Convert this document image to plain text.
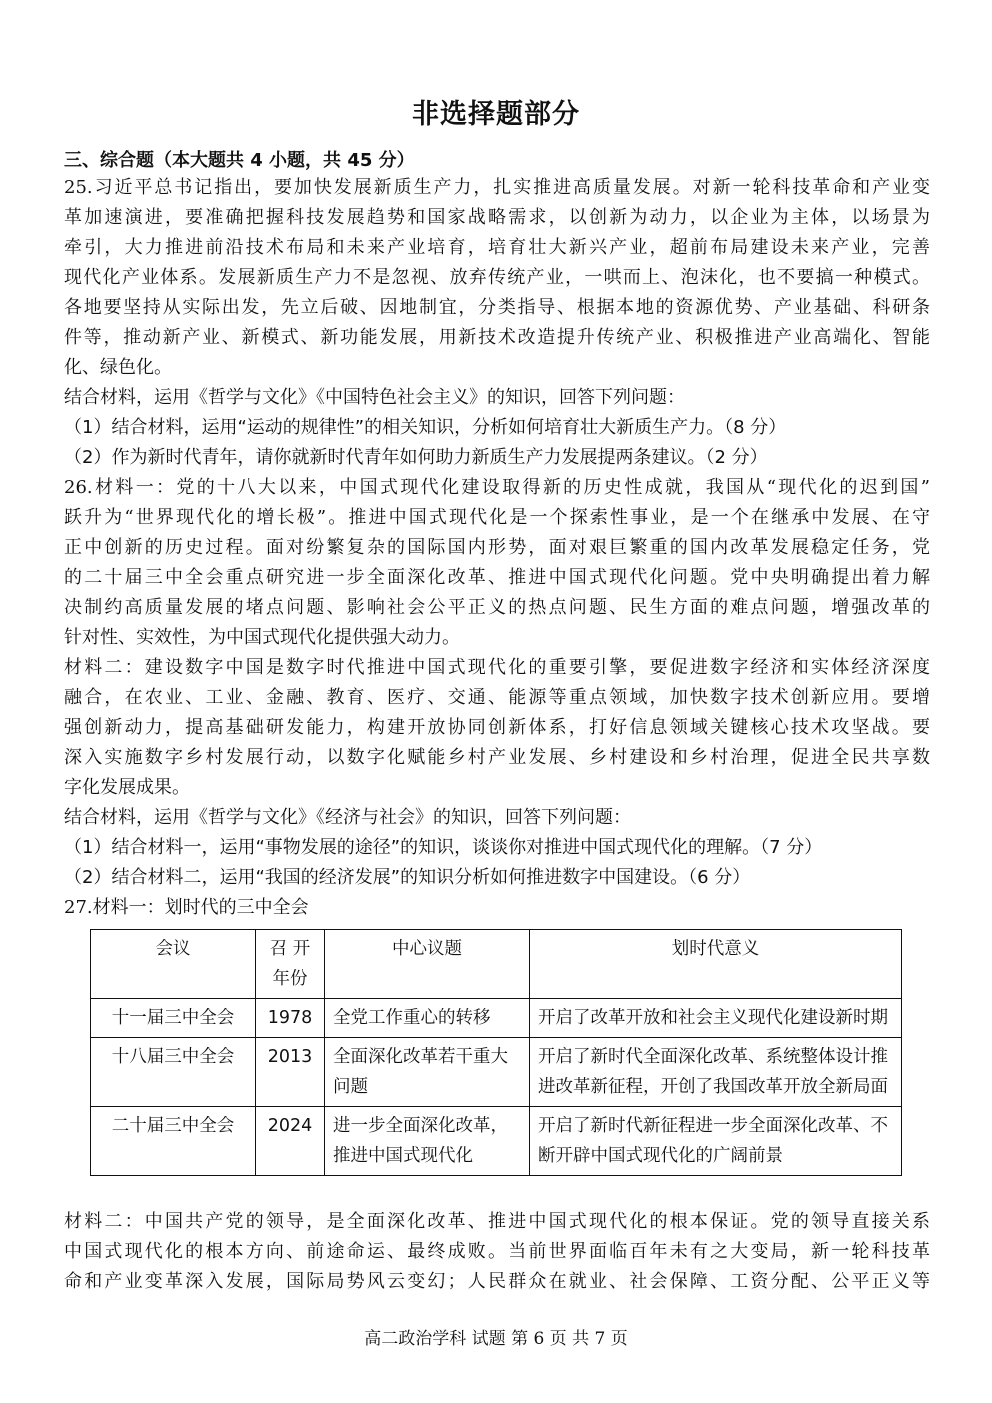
非选择题部分
三、综合题（本大题共 4 小题，共 45 分）
25.习近平总书记指出，要加快发展新质生产力，扎实推进高质量发展。对新一轮科技革命和产业变
革加速演进，要准确把握科技发展趋势和国家战略需求，以创新为动力，以企业为主体，以场景为
牵引，大力推进前沿技术布局和未来产业培育，培育壮大新兴产业，超前布局建设未来产业，完善
现代化产业体系。发展新质生产力不是忽视、放弃传统产业，一哄而上、泡沫化，也不要搞一种模式。
各地要坚持从实际出发，先立后破、因地制宜，分类指导、根据本地的资源优势、产业基础、科研条
件等，推动新产业、新模式、新功能发展，用新技术改造提升传统产业、积极推进产业高端化、智能
化、绿色化。
结合材料，运用《哲学与文化》《中国特色社会主义》的知识，回答下列问题：
（1）结合材料，运用“运动的规律性”的相关知识，分析如何培育壮大新质生产力。（8 分）
（2）作为新时代青年，请你就新时代青年如何助力新质生产力发展提两条建议。（2 分）
26.材料一：党的十八大以来，中国式现代化建设取得新的历史性成就，我国从“现代化的迟到国”
跃升为“世界现代化的增长极”。推进中国式现代化是一个探索性事业，是一个在继承中发展、在守
正中创新的历史过程。面对纷繁复杂的国际国内形势，面对艰巨繁重的国内改革发展稳定任务，党
的二十届三中全会重点研究进一步全面深化改革、推进中国式现代化问题。党中央明确提出着力解
决制约高质量发展的堵点问题、影响社会公平正义的热点问题、民生方面的难点问题，增强改革的
针对性、实效性，为中国式现代化提供强大动力。
材料二：建设数字中国是数字时代推进中国式现代化的重要引擎，要促进数字经济和实体经济深度
融合，在农业、工业、金融、教育、医疗、交通、能源等重点领域，加快数字技术创新应用。要增
强创新动力，提高基础研发能力，构建开放协同创新体系，打好信息领域关键核心技术攻坚战。要
深入实施数字乡村发展行动，以数字化赋能乡村产业发展、乡村建设和乡村治理，促进全民共享数
字化发展成果。
结合材料，运用《哲学与文化》《经济与社会》的知识，回答下列问题：
（1）结合材料一，运用“事物发展的途径”的知识，谈谈你对推进中国式现代化的理解。（7 分）
（2）结合材料二，运用“我国的经济发展”的知识分析如何推进数字中国建设。（6 分）
27.材料一：划时代的三中全会
会议	召 开年份	中心议题	划时代意义
十一届三中全会	1978	全党工作重心的转移	开启了改革开放和社会主义现代化建设新时期
十八届三中全会	2013	全面深化改革若干重大问题	开启了新时代全面深化改革、系统整体设计推进改革新征程，开创了我国改革开放全新局面
二十届三中全会	2024	进一步全面深化改革，推进中国式现代化	开启了新时代新征程进一步全面深化改革、不断开辟中国式现代化的广阔前景
材料二：中国共产党的领导，是全面深化改革、推进中国式现代化的根本保证。党的领导直接关系
中国式现代化的根本方向、前途命运、最终成败。当前世界面临百年未有之大变局，新一轮科技革
命和产业变革深入发展，国际局势风云变幻；人民群众在就业、社会保障、工资分配、公平正义等
高二政治学科 试题 第 6 页 共 7 页
